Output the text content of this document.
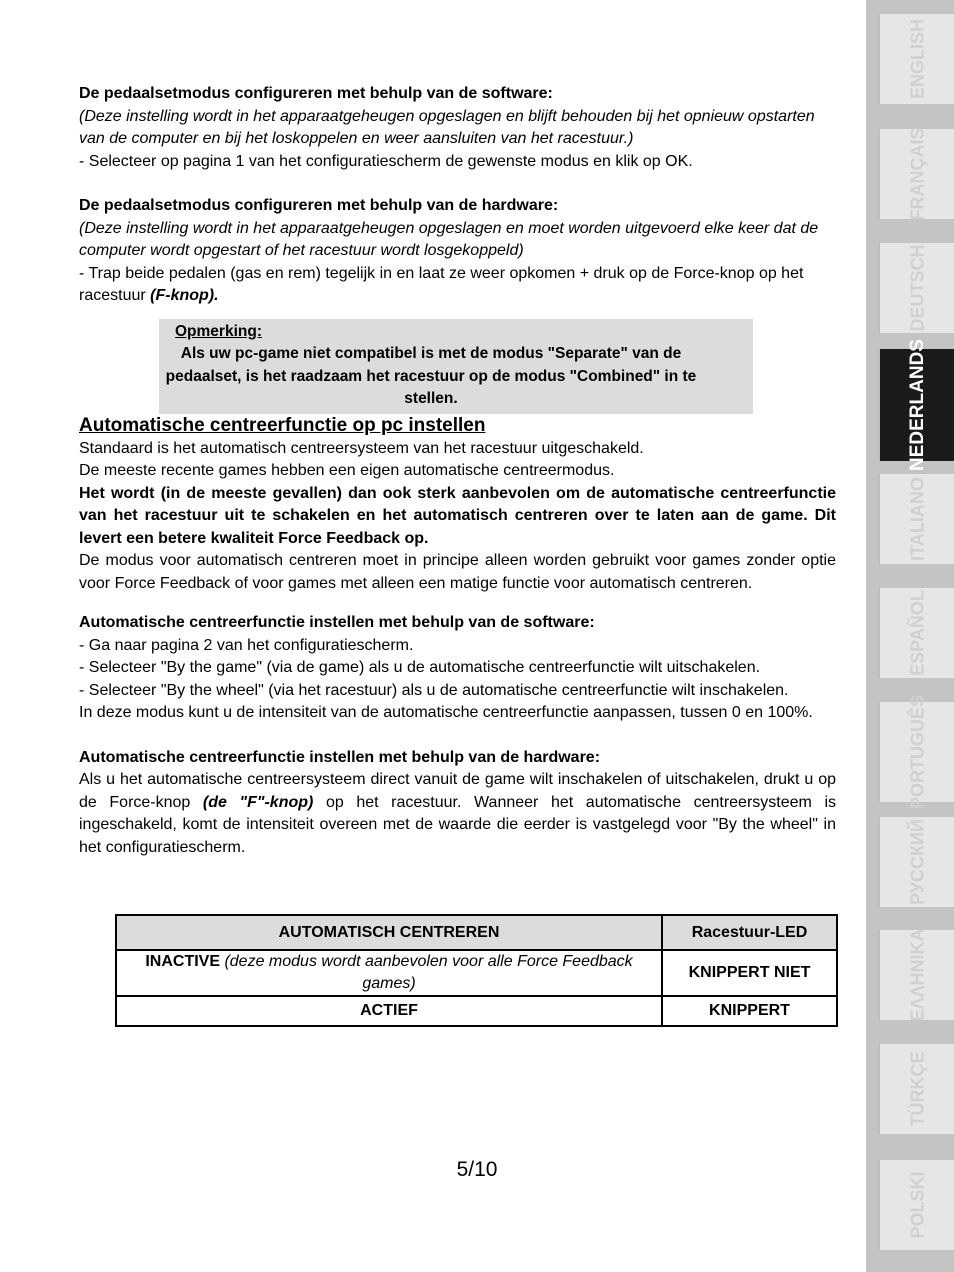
De pedaalsetmodus configureren met behulp van de software:

(Deze instelling wordt in het apparaatgeheugen opgeslagen en blijft behouden bij het opnieuw opstarten van de computer en bij het loskoppelen en weer aansluiten van het racestuur.)

- Selecteer op pagina 1 van het configuratiescherm de gewenste modus en klik op OK.

De pedaalsetmodus configureren met behulp van de hardware:

(Deze instelling wordt in het apparaatgeheugen opgeslagen en moet worden uitgevoerd elke keer dat de computer wordt opgestart of het racestuur wordt losgekoppeld)

- Trap beide pedalen (gas en rem) tegelijk in en laat ze weer opkomen + druk op de Force-knop op het racestuur (F-knop).

Opmerking:
Als uw pc-game niet compatibel is met de modus "Separate" van de pedaalset, is het raadzaam het racestuur op de modus "Combined" in te stellen.

Automatische centreerfunctie op pc instellen

Standaard is het automatisch centreersysteem van het racestuur uitgeschakeld.

De meeste recente games hebben een eigen automatische centreermodus.

Het wordt (in de meeste gevallen) dan ook sterk aanbevolen om de automatische centreerfunctie van het racestuur uit te schakelen en het automatisch centreren over te laten aan de game. Dit levert een betere kwaliteit Force Feedback op.

De modus voor automatisch centreren moet in principe alleen worden gebruikt voor games zonder optie voor Force Feedback of voor games met alleen een matige functie voor automatisch centreren.

Automatische centreerfunctie instellen met behulp van de software:

- Ga naar pagina 2 van het configuratiescherm.

- Selecteer "By the game" (via de game) als u de automatische centreerfunctie wilt uitschakelen.

- Selecteer "By the wheel" (via het racestuur) als u de automatische centreerfunctie wilt inschakelen.

In deze modus kunt u de intensiteit van de automatische centreerfunctie aanpassen, tussen 0 en 100%.

Automatische centreerfunctie instellen met behulp van de hardware:

Als u het automatische centreersysteem direct vanuit de game wilt inschakelen of uitschakelen, drukt u op de Force-knop (de "F"-knop) op het racestuur. Wanneer het automatische centreersysteem is ingeschakeld, komt de intensiteit overeen met de waarde die eerder is vastgelegd voor "By the wheel" in het configuratiescherm.

AUTOMATISCH CENTREREN	Racestuur-LED
INACTIVE (deze modus wordt aanbevolen voor alle Force Feedback games)	KNIPPERT NIET
ACTIEF	KNIPPERT
5/10
ENGLISH
FRANÇAIS
DEUTSCH
NEDERLANDS
ITALIANO
ESPAÑOL
PORTUGUÊS
РУССКИЙ
ΕΛΛΗΝΙΚΑ
TÜRKÇE
POLSKI
